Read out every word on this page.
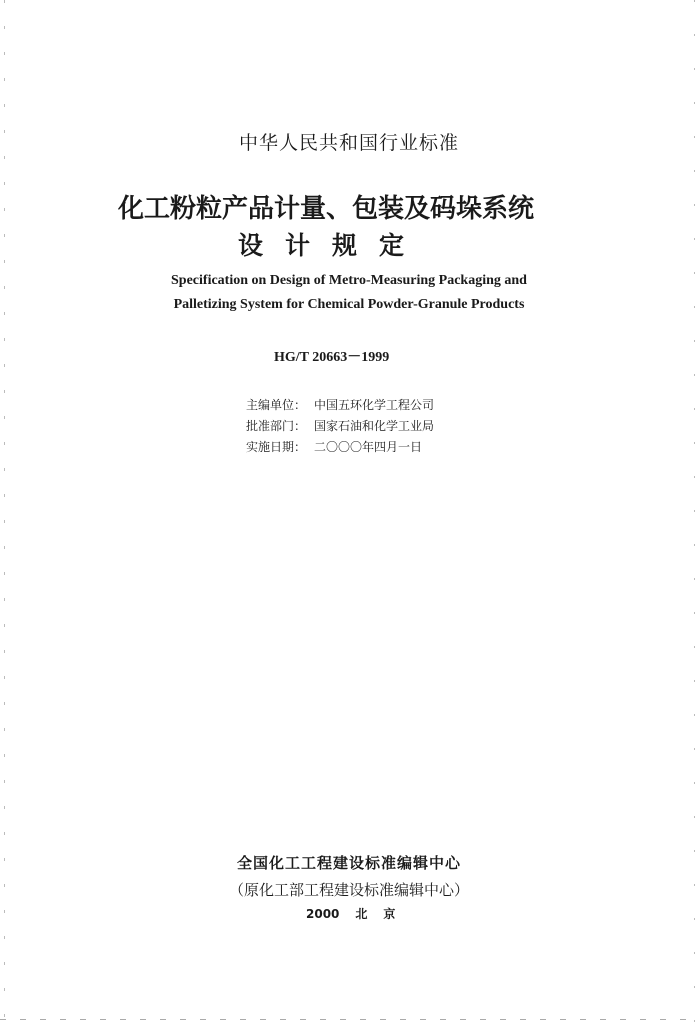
中华人民共和国行业标准
化工粉粒产品计量、包装及码垛系统
设计规定
Specification on Design of Metro-Measuring Packaging and
Palletizing System for Chemical Powder-Granule Products
HG/T 20663－1999
主编单位： 中国五环化学工程公司
批准部门： 国家石油和化学工业局
实施日期： 二〇〇〇年四月一日
全国化工工程建设标准编辑中心
（原化工部工程建设标准编辑中心）
2000 北 京
